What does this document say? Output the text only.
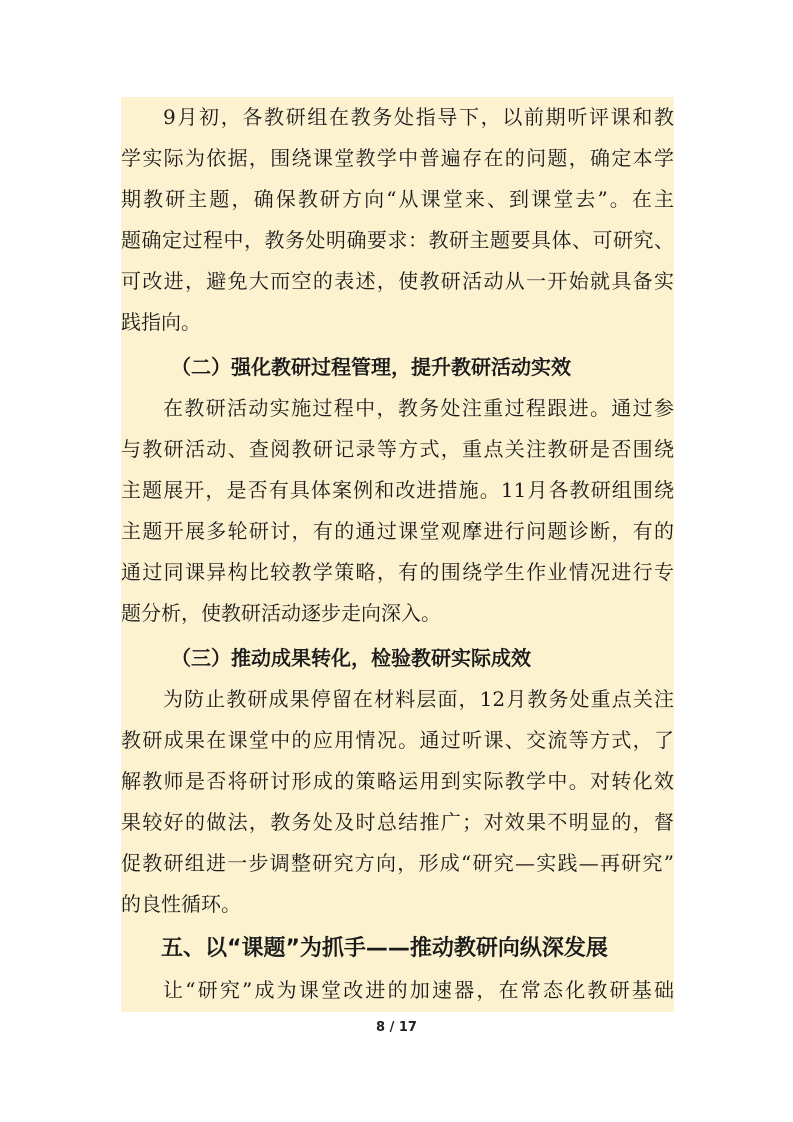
9月初，各教研组在教务处指导下，以前期听评课和教
学实际为依据，围绕课堂教学中普遍存在的问题，确定本学
期教研主题，确保教研方向“从课堂来、到课堂去”。在主
题确定过程中，教务处明确要求：教研主题要具体、可研究、
可改进，避免大而空的表述，使教研活动从一开始就具备实
践指向。
（二）强化教研过程管理，提升教研活动实效
在教研活动实施过程中，教务处注重过程跟进。通过参
与教研活动、查阅教研记录等方式，重点关注教研是否围绕
主题展开，是否有具体案例和改进措施。11月各教研组围绕
主题开展多轮研讨，有的通过课堂观摩进行问题诊断，有的
通过同课异构比较教学策略，有的围绕学生作业情况进行专
题分析，使教研活动逐步走向深入。
（三）推动成果转化，检验教研实际成效
为防止教研成果停留在材料层面，12月教务处重点关注
教研成果在课堂中的应用情况。通过听课、交流等方式，了
解教师是否将研讨形成的策略运用到实际教学中。对转化效
果较好的做法，教务处及时总结推广；对效果不明显的，督
促教研组进一步调整研究方向，形成“研究—实践—再研究”
的良性循环。
五、以“课题”为抓手——推动教研向纵深发展
让“研究”成为课堂改进的加速器，在常态化教研基础
8 / 17
